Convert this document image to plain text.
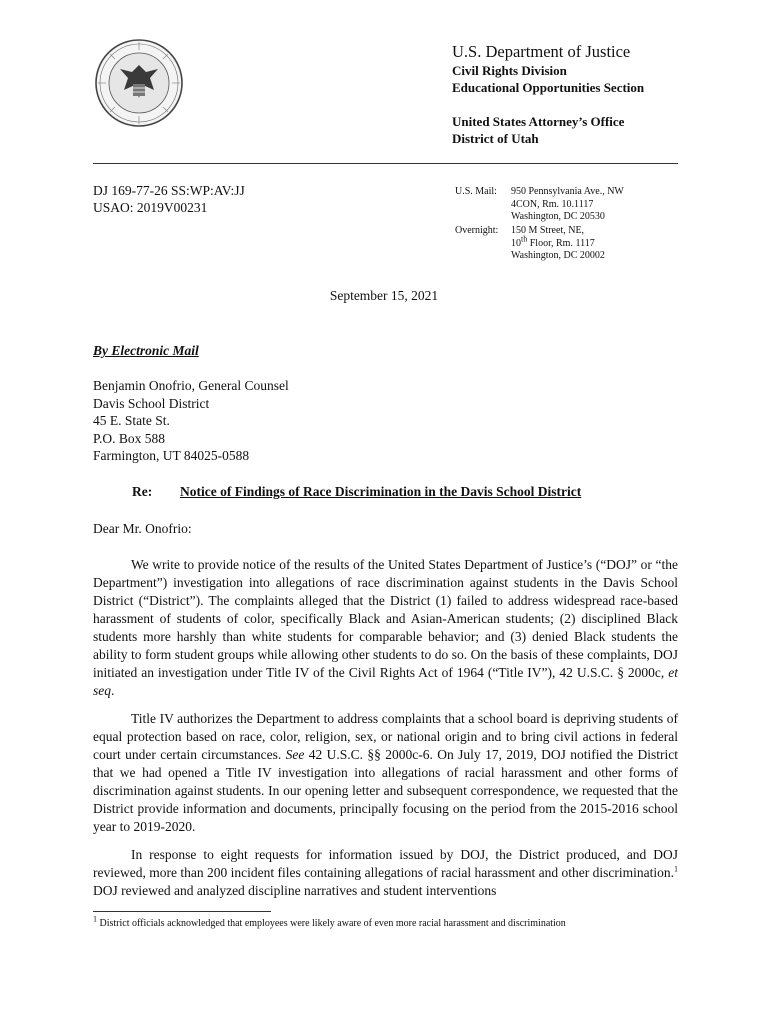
U.S. Department of Justice
Civil Rights Division
Educational Opportunities Section
United States Attorney’s Office
District of Utah
DJ 169-77-26 SS:WP:AV:JJ
USAO: 2019V00231
U.S. Mail: 950 Pennsylvania Ave., NW
4CON, Rm. 10.1117
Washington, DC 20530
Overnight: 150 M Street, NE,
10th Floor, Rm. 1117
Washington, DC 20002
September 15, 2021
By Electronic Mail
Benjamin Onofrio, General Counsel
Davis School District
45 E. State St.
P.O. Box 588
Farmington, UT 84025-0588
Re: Notice of Findings of Race Discrimination in the Davis School District
Dear Mr. Onofrio:

We write to provide notice of the results of the United States Department of Justice’s (“DOJ” or “the Department”) investigation into allegations of race discrimination against students in the Davis School District (“District”). The complaints alleged that the District (1) failed to address widespread race-based harassment of students of color, specifically Black and Asian-American students; (2) disciplined Black students more harshly than white students for comparable behavior; and (3) denied Black students the ability to form student groups while allowing other students to do so. On the basis of these complaints, DOJ initiated an investigation under Title IV of the Civil Rights Act of 1964 (“Title IV”), 42 U.S.C. § 2000c, et seq.

Title IV authorizes the Department to address complaints that a school board is depriving students of equal protection based on race, color, religion, sex, or national origin and to bring civil actions in federal court under certain circumstances. See 42 U.S.C. §§ 2000c-6. On July 17, 2019, DOJ notified the District that we had opened a Title IV investigation into allegations of racial harassment and other forms of discrimination against students. In our opening letter and subsequent correspondence, we requested that the District provide information and documents, principally focusing on the period from the 2015-2016 school year to 2019-2020.

In response to eight requests for information issued by DOJ, the District produced, and DOJ reviewed, more than 200 incident files containing allegations of racial harassment and other discrimination.$^1$ DOJ reviewed and analyzed discipline narratives and student interventions

$^1$ District officials acknowledged that employees were likely aware of even more racial harassment and discrimination
